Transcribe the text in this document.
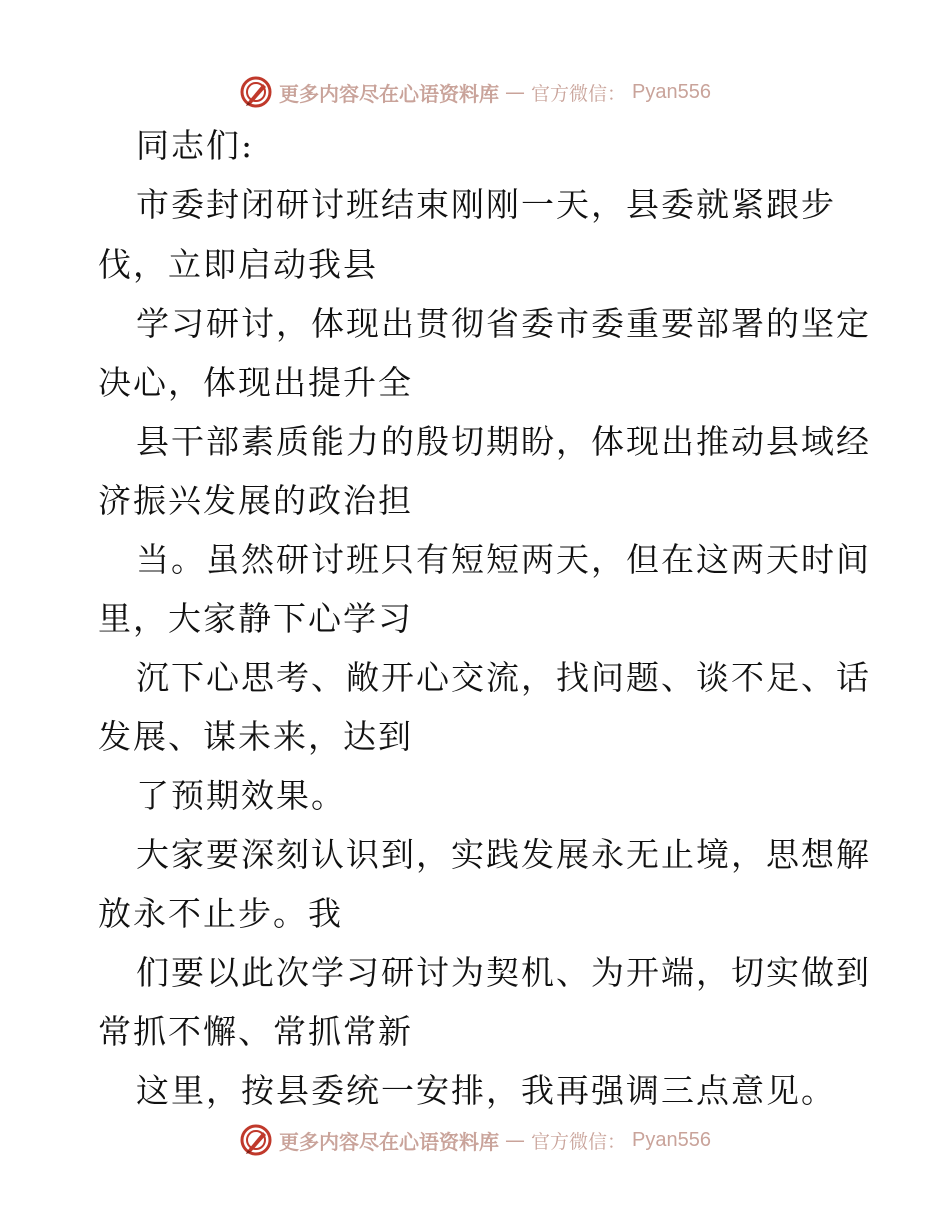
更多内容尽在心语资料库 — 官方微信： Pyan556
同志们:
市委封闭研讨班结束刚刚一天，县委就紧跟步
伐，立即启动我县
学习研讨，体现出贯彻省委市委重要部署的坚定
决心，体现出提升全
县干部素质能力的殷切期盼，体现出推动县域经
济振兴发展的政治担
当。虽然研讨班只有短短两天，但在这两天时间
里，大家静下心学习
沉下心思考、敞开心交流，找问题、谈不足、话
发展、谋未来，达到
了预期效果。
大家要深刻认识到，实践发展永无止境，思想解
放永不止步。我
们要以此次学习研讨为契机、为开端，切实做到
常抓不懈、常抓常新
这里，按县委统一安排，我再强调三点意见。
更多内容尽在心语资料库 — 官方微信： Pyan556
